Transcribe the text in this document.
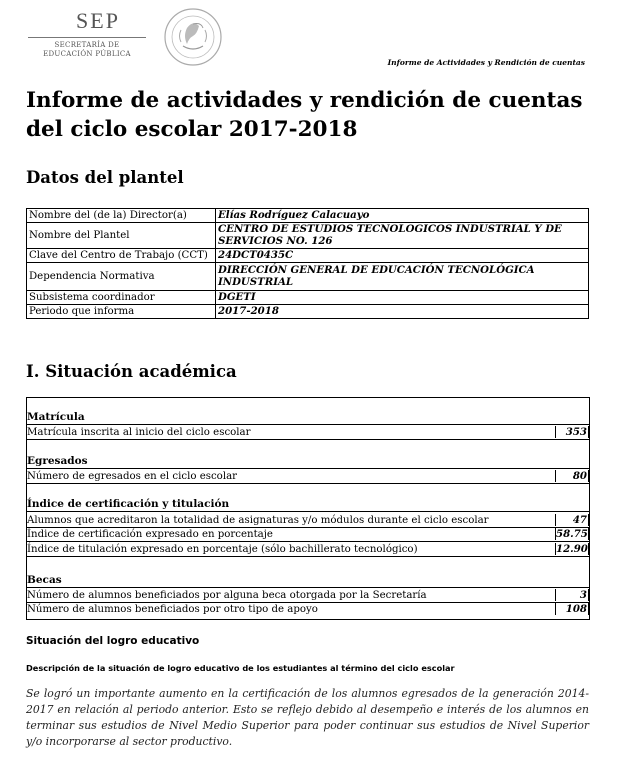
SEP
SECRETARÍA DE
EDUCACIÓN PÚBLICA
Informe de Actividades y Rendición de cuentas
Informe de actividades y rendición de cuentas
del ciclo escolar 2017-2018
Datos del plantel
Nombre del (de la) Director(a)	Elías Rodríguez Calacuayo
Nombre del Plantel	CENTRO DE ESTUDIOS TECNOLOGICOS INDUSTRIAL Y DE SERVICIOS NO. 126
Clave del Centro de Trabajo (CCT)	24DCT0435C
Dependencia Normativa	DIRECCIÓN GENERAL DE EDUCACIÓN TECNOLÓGICA INDUSTRIAL
Subsistema coordinador	DGETI
Periodo que informa	2017-2018
I. Situación académica
Matrícula
Matrícula inscrita al inicio del ciclo escolar	353
Egresados
Número de egresados en el ciclo escolar	80
Índice de certificación y titulación
Alumnos que acreditaron la totalidad de asignaturas y/o módulos durante el ciclo escolar	47
Índice de certificación expresado en porcentaje	58.75
Índice de titulación expresado en porcentaje (sólo bachillerato tecnológico)	12.90
Becas
Número de alumnos beneficiados por alguna beca otorgada por la Secretaría	3
Número de alumnos beneficiados por otro tipo de apoyo	108
Situación del logro educativo
Descripción de la situación de logro educativo de los estudiantes al término del ciclo escolar
Se logró un importante aumento en la certificación de los alumnos egresados de la generación 2014-2017 en relación al periodo anterior. Esto se reflejo debido al desempeño e interés de los alumnos en terminar sus estudios de Nivel Medio Superior para poder continuar sus estudios de Nivel Superior y/o incorporarse al sector productivo.
